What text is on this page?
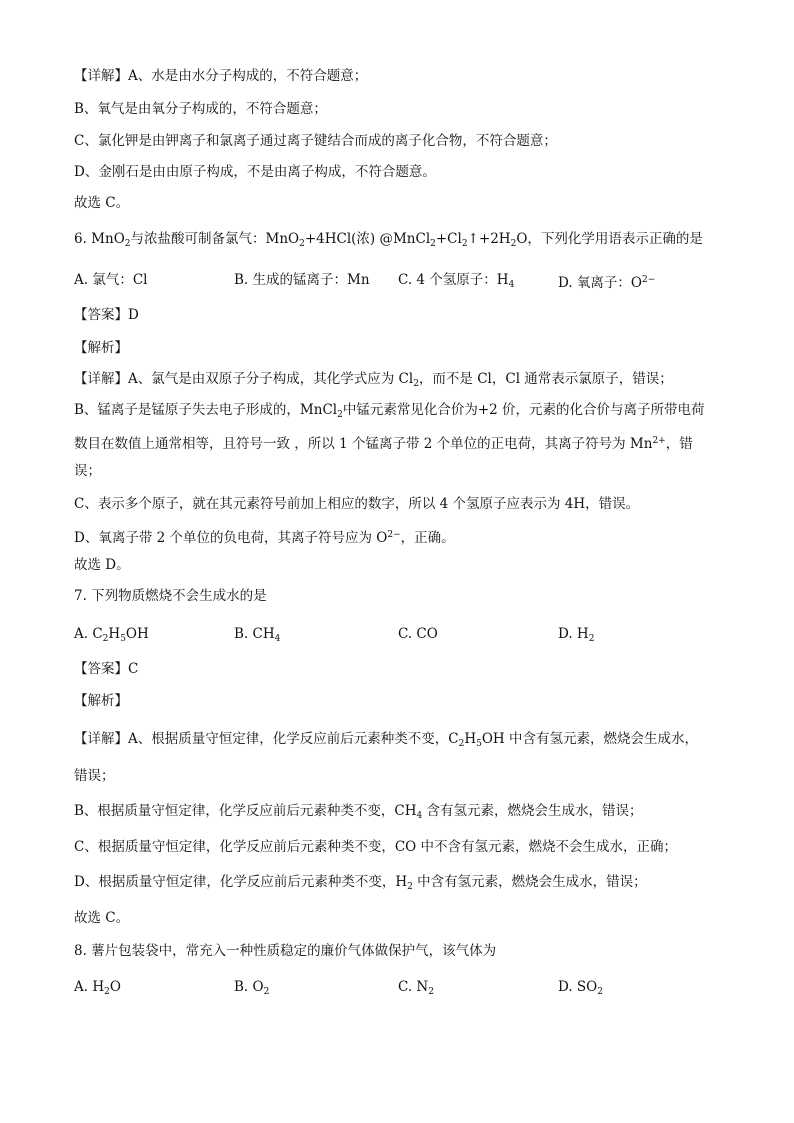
【详解】A、水是由水分子构成的，不符合题意；
B、氧气是由氧分子构成的，不符合题意；
C、氯化钾是由钾离子和氯离子通过离子键结合而成的离子化合物，不符合题意；
D、金刚石是由由原子构成，不是由离子构成，不符合题意。
故选 C。
6. MnO$_2$与浓盐酸可制备氯气：MnO$_2$+4HCl(浓) $@MnCl_2+Cl_2↑+2H_2O$，下列化学用语表示正确的是
A. 氯气：Cl	B. 生成的锰离子：Mn C. 4 个氢原子：$H_4$	D. 氧离子：$O^{2-}$
【答案】D
【解析】
【详解】A、氯气是由双原子分子构成，其化学式应为 $Cl_2$，而不是 Cl，Cl 通常表示氯原子，错误；
B、锰离子是锰原子失去电子形成的，MnCl$_2$中锰元素常见化合价为+2 价，元素的化合价与离子所带电荷
数目在数值上通常相等，且符号一致 ，所以 1 个锰离子带 2 个单位的正电荷，其离子符号为 $Mn^{2+}$，错
误；
C、表示多个原子，就在其元素符号前加上相应的数字，所以 4 个氢原子应表示为 4H，错误。
D、氧离子带 2 个单位的负电荷，其离子符号应为 $O^{2-}$，正确。
故选 D。
7. 下列物质燃烧不会生成水的是
A. $C_2H_5OH$	B. $CH_4$	C. CO	D. $H_2$
【答案】C
【解析】
【详解】A、根据质量守恒定律，化学反应前后元素种类不变，$C_2H_5OH$ 中含有氢元素，燃烧会生成水，
错误；
B、根据质量守恒定律，化学反应前后元素种类不变，$CH_4$ 含有氢元素，燃烧会生成水，错误；
C、根据质量守恒定律，化学反应前后元素种类不变，CO 中不含有氢元素，燃烧不会生成水，正确；
D、根据质量守恒定律，化学反应前后元素种类不变，$H_2$ 中含有氢元素，燃烧会生成水，错误；
故选 C。
8. 薯片包装袋中，常充入一种性质稳定的廉价气体做保护气，该气体为
A. $H_2O$	B. $O_2$	C. $N_2$	D. $SO_2$
